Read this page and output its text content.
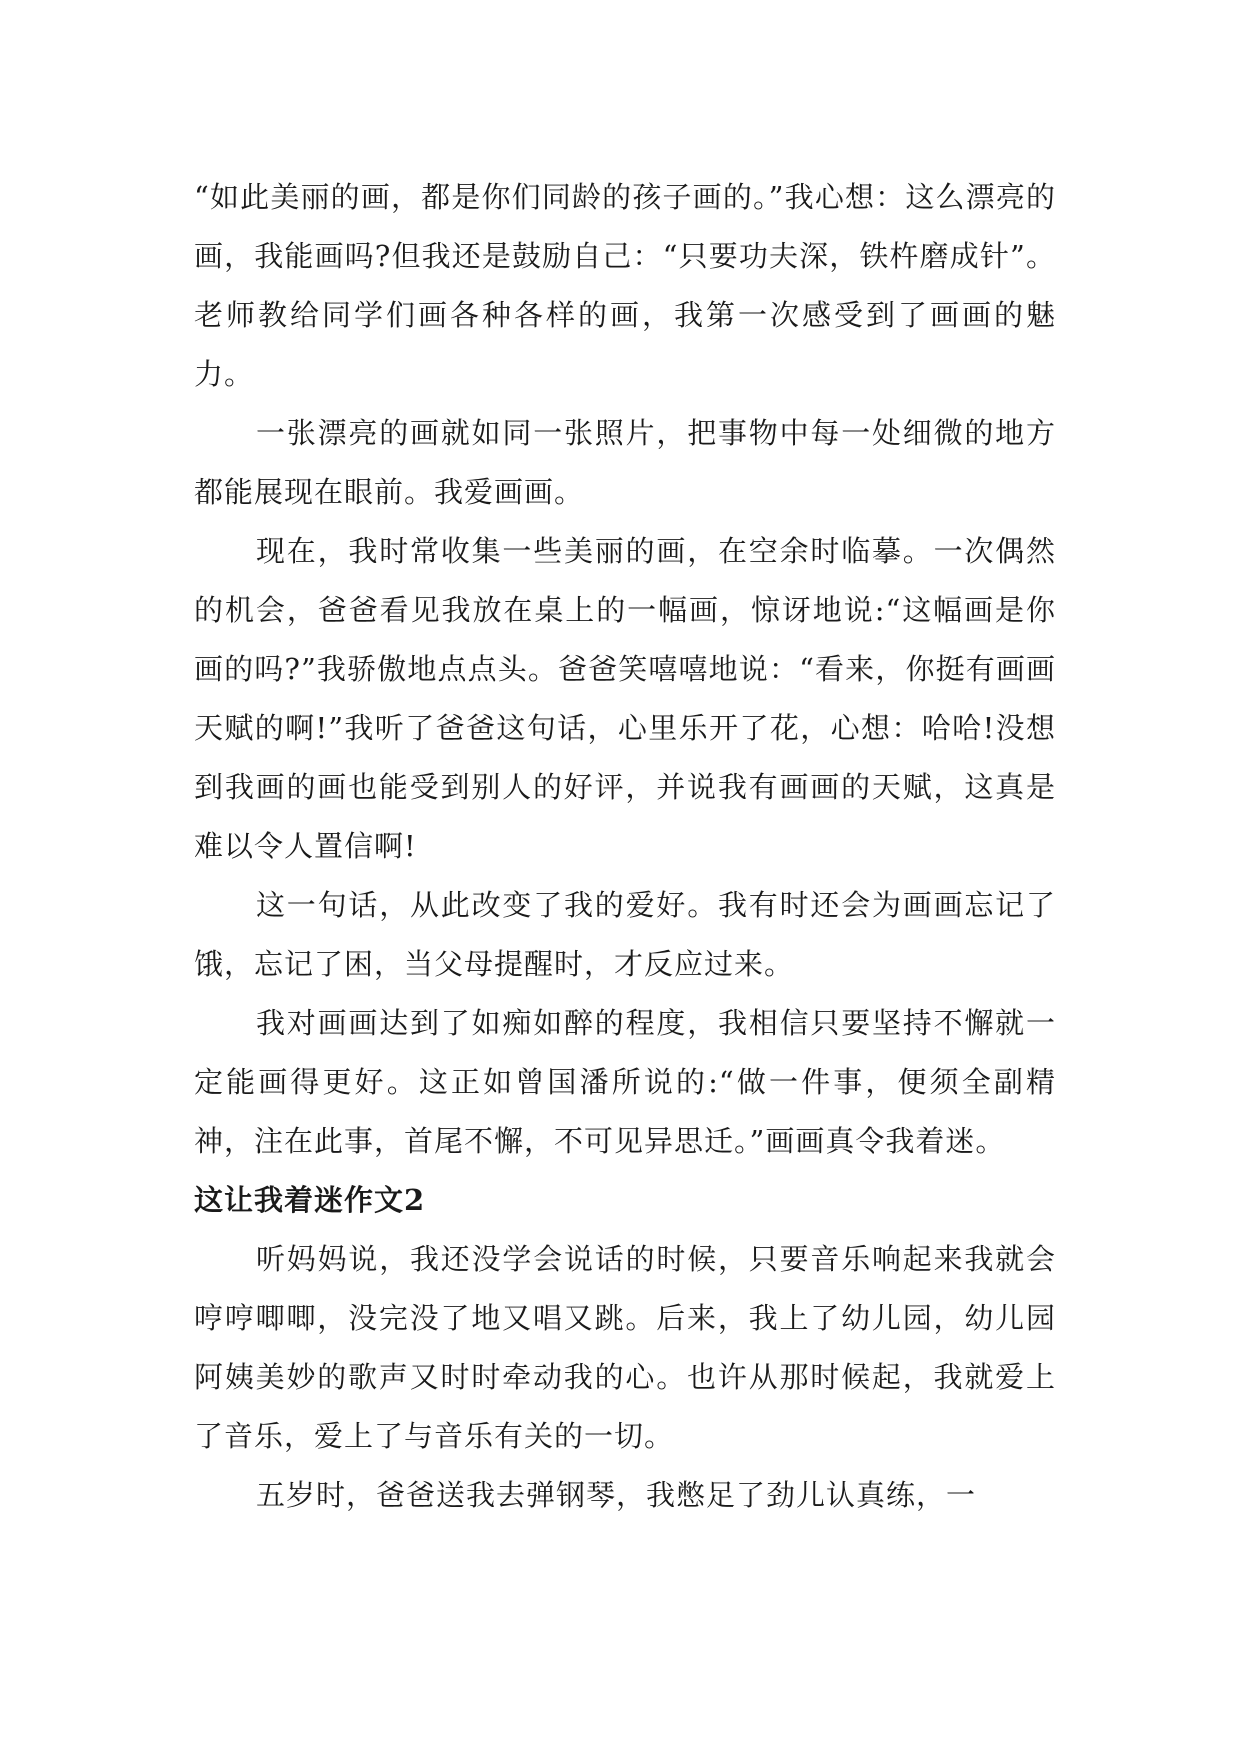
“如此美丽的画，都是你们同龄的孩子画的。”我心想：这么漂亮的画，我能画吗?但我还是鼓励自己：“只要功夫深，铁杵磨成针”。老师教给同学们画各种各样的画，我第一次感受到了画画的魅力。

一张漂亮的画就如同一张照片，把事物中每一处细微的地方都能展现在眼前。我爱画画。

现在，我时常收集一些美丽的画，在空余时临摹。一次偶然的机会，爸爸看见我放在桌上的一幅画，惊讶地说:“这幅画是你画的吗?”我骄傲地点点头。爸爸笑嘻嘻地说：“看来，你挺有画画天赋的啊!”我听了爸爸这句话，心里乐开了花，心想：哈哈!没想到我画的画也能受到别人的好评，并说我有画画的天赋，这真是难以令人置信啊!

这一句话，从此改变了我的爱好。我有时还会为画画忘记了饿，忘记了困，当父母提醒时，才反应过来。

我对画画达到了如痴如醉的程度，我相信只要坚持不懈就一定能画得更好。这正如曾国潘所说的:“做一件事，便须全副精神，注在此事，首尾不懈，不可见异思迁。”画画真令我着迷。

这让我着迷作文2

听妈妈说，我还没学会说话的时候，只要音乐响起来我就会哼哼唧唧，没完没了地又唱又跳。后来，我上了幼儿园，幼儿园阿姨美妙的歌声又时时牵动我的心。也许从那时候起，我就爱上了音乐，爱上了与音乐有关的一切。

五岁时，爸爸送我去弹钢琴，我憋足了劲儿认真练，一
